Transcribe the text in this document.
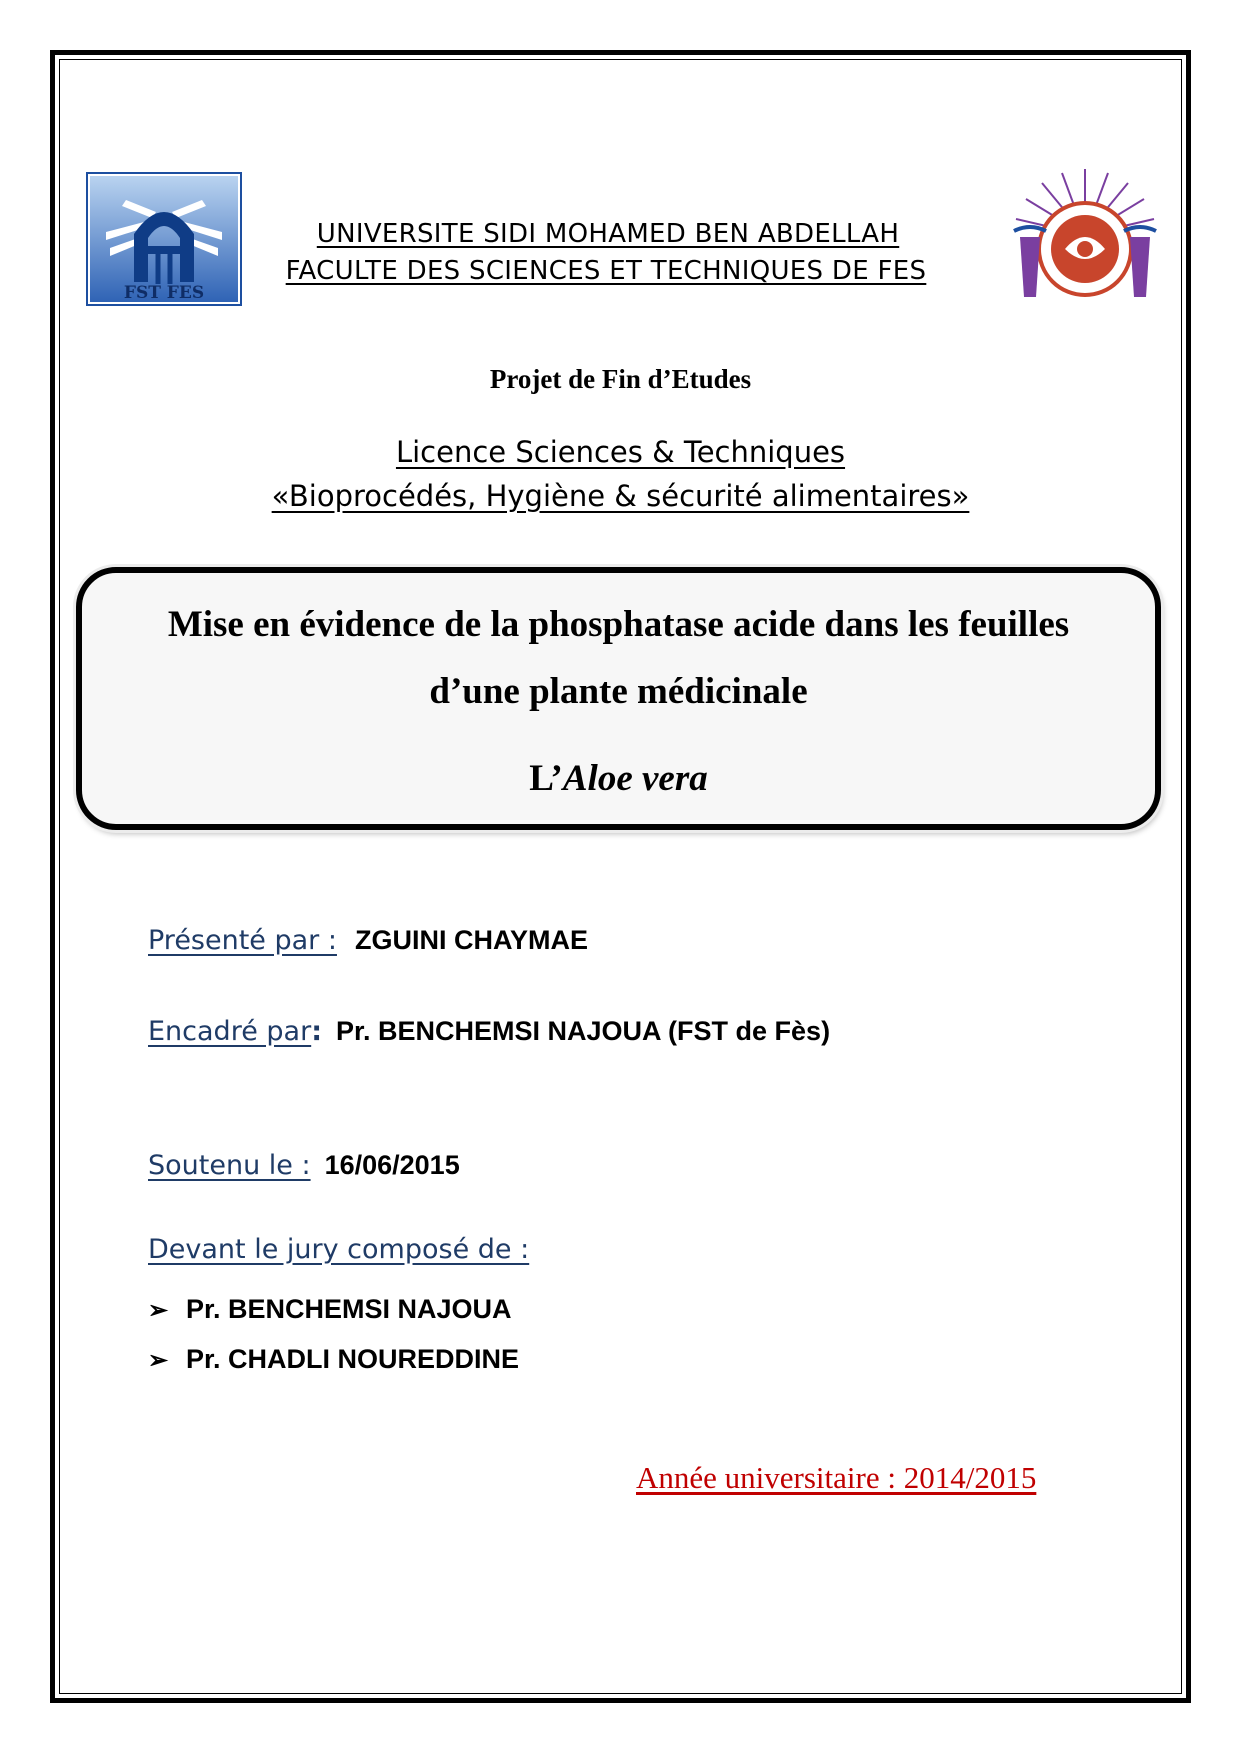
FST FES
UNIVERSITE SIDI MOHAMED BEN ABDELLAH
FACULTE DES SCIENCES ET TECHNIQUES DE FES
Projet de Fin d’Etudes
Licence Sciences & Techniques
«Bioprocédés, Hygiène & sécurité alimentaires»
Mise en évidence de la phosphatase acide dans les feuilles
d’une plante médicinale
L’Aloe vera
Présenté par : ZGUINI CHAYMAE
Encadré par: Pr. BENCHEMSI NAJOUA (FST de Fès)
Soutenu le : 16/06/2015
Devant le jury composé de :
➢ Pr. BENCHEMSI NAJOUA
➢ Pr. CHADLI NOUREDDINE
Année universitaire : 2014/2015
